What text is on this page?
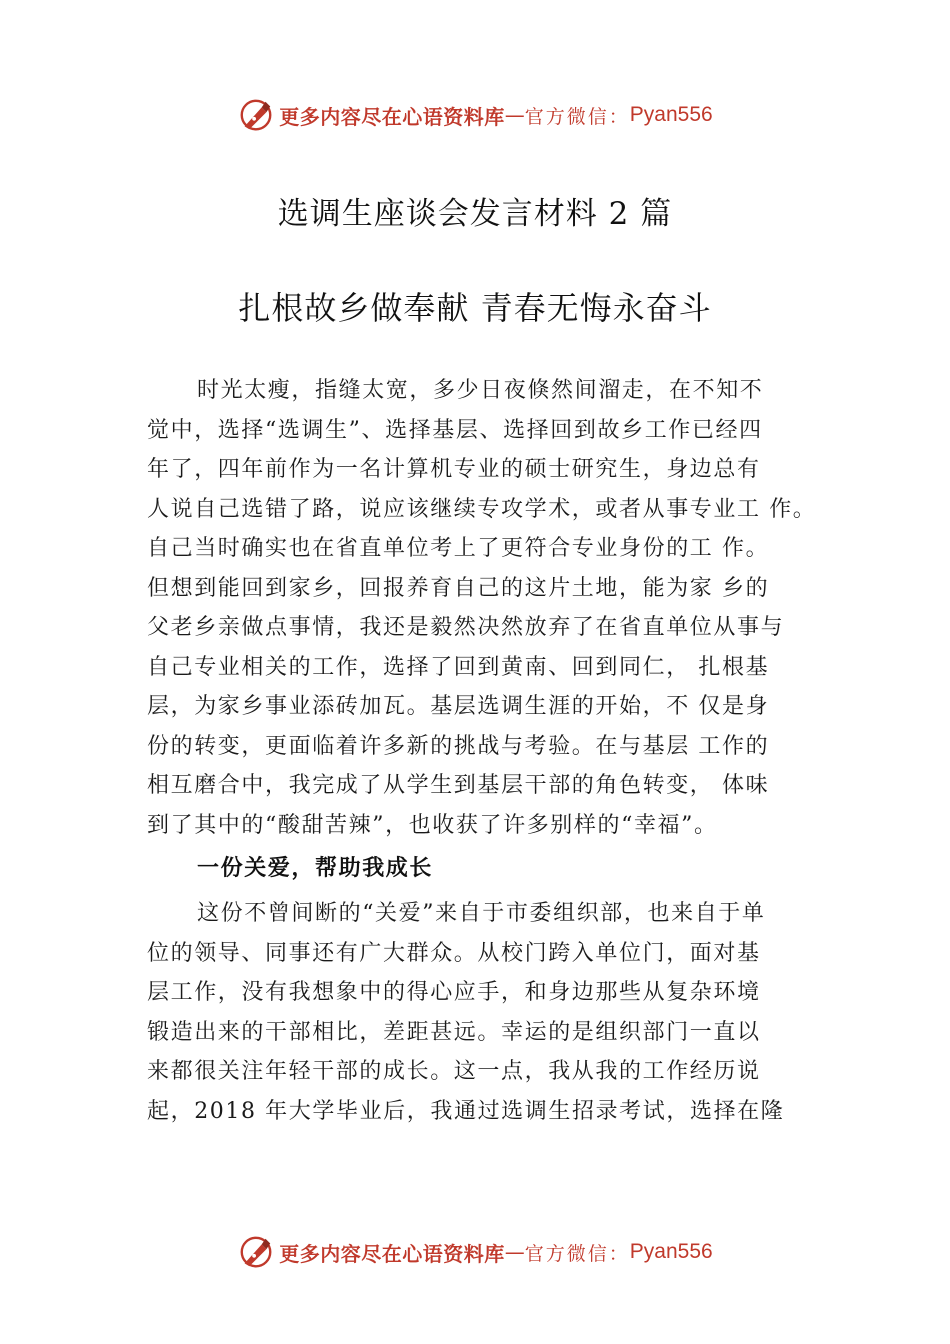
更多内容尽在心语资料库 — 官方微信： Pyan556
选调生座谈会发言材料 2 篇
扎根故乡做奉献 青春无悔永奋斗
时光太瘦，指缝太宽，多少日夜倏然间溜走，在不知不
觉中，选择“选调生”、选择基层、选择回到故乡工作已经四
年了，四年前作为一名计算机专业的硕士研究生，身边总有
人说自己选错了路，说应该继续专攻学术，或者从事专业工 作。
自己当时确实也在省直单位考上了更符合专业身份的工 作。
但想到能回到家乡，回报养育自己的这片土地，能为家 乡的
父老乡亲做点事情，我还是毅然决然放弃了在省直单位从事与
自己专业相关的工作，选择了回到黄南、回到同仁， 扎根基
层，为家乡事业添砖加瓦。基层选调生涯的开始，不 仅是身
份的转变，更面临着许多新的挑战与考验。在与基层 工作的
相互磨合中，我完成了从学生到基层干部的角色转变， 体味
到了其中的“酸甜苦辣”，也收获了许多别样的“幸福”。
一份关爱，帮助我成长
这份不曾间断的“关爱”来自于市委组织部，也来自于单
位的领导、同事还有广大群众。从校门跨入单位门，面对基
层工作，没有我想象中的得心应手，和身边那些从复杂环境
锻造出来的干部相比，差距甚远。幸运的是组织部门一直以
来都很关注年轻干部的成长。这一点，我从我的工作经历说
起，2018 年大学毕业后，我通过选调生招录考试，选择在隆
更多内容尽在心语资料库 — 官方微信： Pyan556
